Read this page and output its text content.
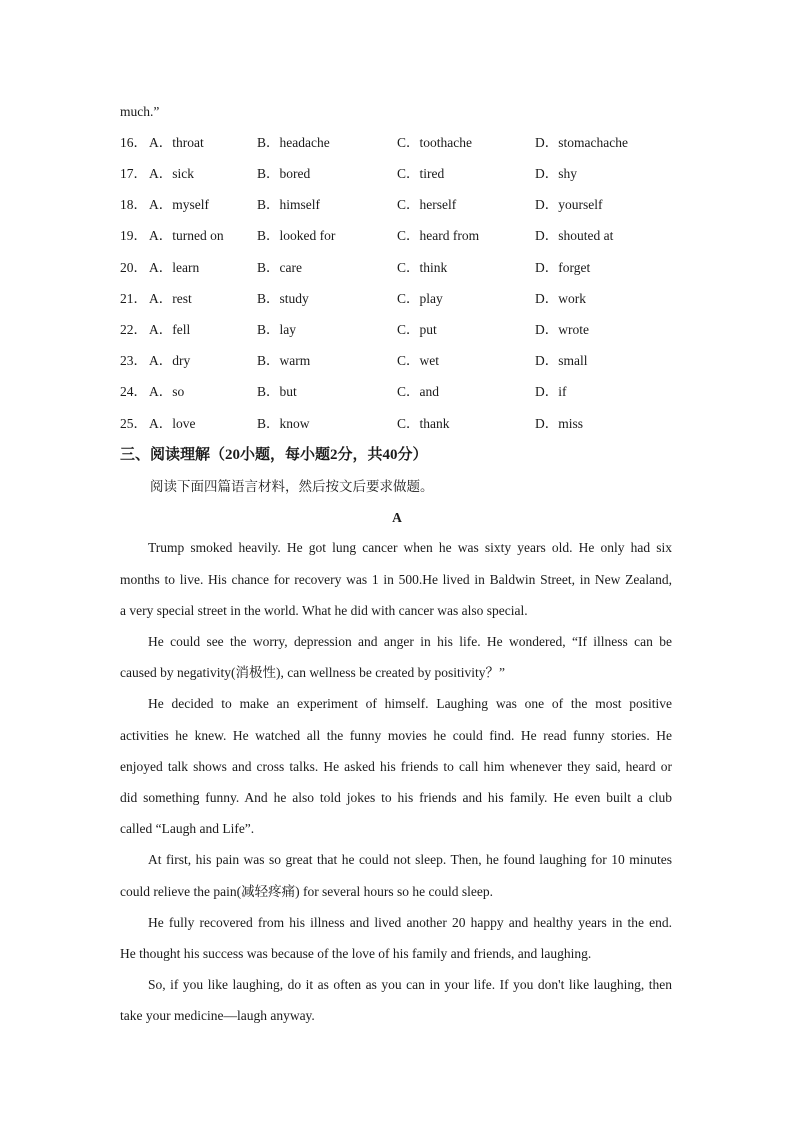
much.”
16． A．throat	B．headache	C．toothache	D．stomachache
17． A．sick	B．bored	C．tired	D．shy
18． A．myself	B．himself	C．herself	D．yourself
19． A．turned on B．looked for	C．heard from	D．shouted at
20． A．learn	B．care	C．think	D．forget
21． A．rest	B．study	C．play	D．work
22． A．fell	B．lay	C．put	D．wrote
23． A．dry	B．warm	C．wet	D．small
24． A．so	B．but	C．and	D．if
25． A．love	B．know	C．thank	D．miss
三、阅读理解（20小题，每小题2分，共40分）
阅读下面四篇语言材料，然后按文后要求做题。
A
Trump smoked heavily. He got lung cancer when he was sixty years old. He only had six
months to live. His chance for recovery was 1 in 500.He lived in Baldwin Street, in New Zealand,
a very special street in the world. What he did with cancer was also special.
He could see the worry, depression and anger in his life. He wondered, “If illness can be
caused by negativity(消极性), can wellness be created by positivity？”
He decided to make an experiment of himself. Laughing was one of the most positive
activities he knew. He watched all the funny movies he could find. He read funny stories. He
enjoyed talk shows and cross talks. He asked his friends to call him whenever they said, heard or
did something funny. And he also told jokes to his friends and his family. He even built a club
called “Laugh and Life”.
At first, his pain was so great that he could not sleep. Then, he found laughing for 10 minutes
could relieve the pain(减轻疼痛) for several hours so he could sleep.
He fully recovered from his illness and lived another 20 happy and healthy years in the end.
He thought his success was because of the love of his family and friends, and laughing.
So, if you like laughing, do it as often as you can in your life. If you don't like laughing, then
take your medicine—laugh anyway.
